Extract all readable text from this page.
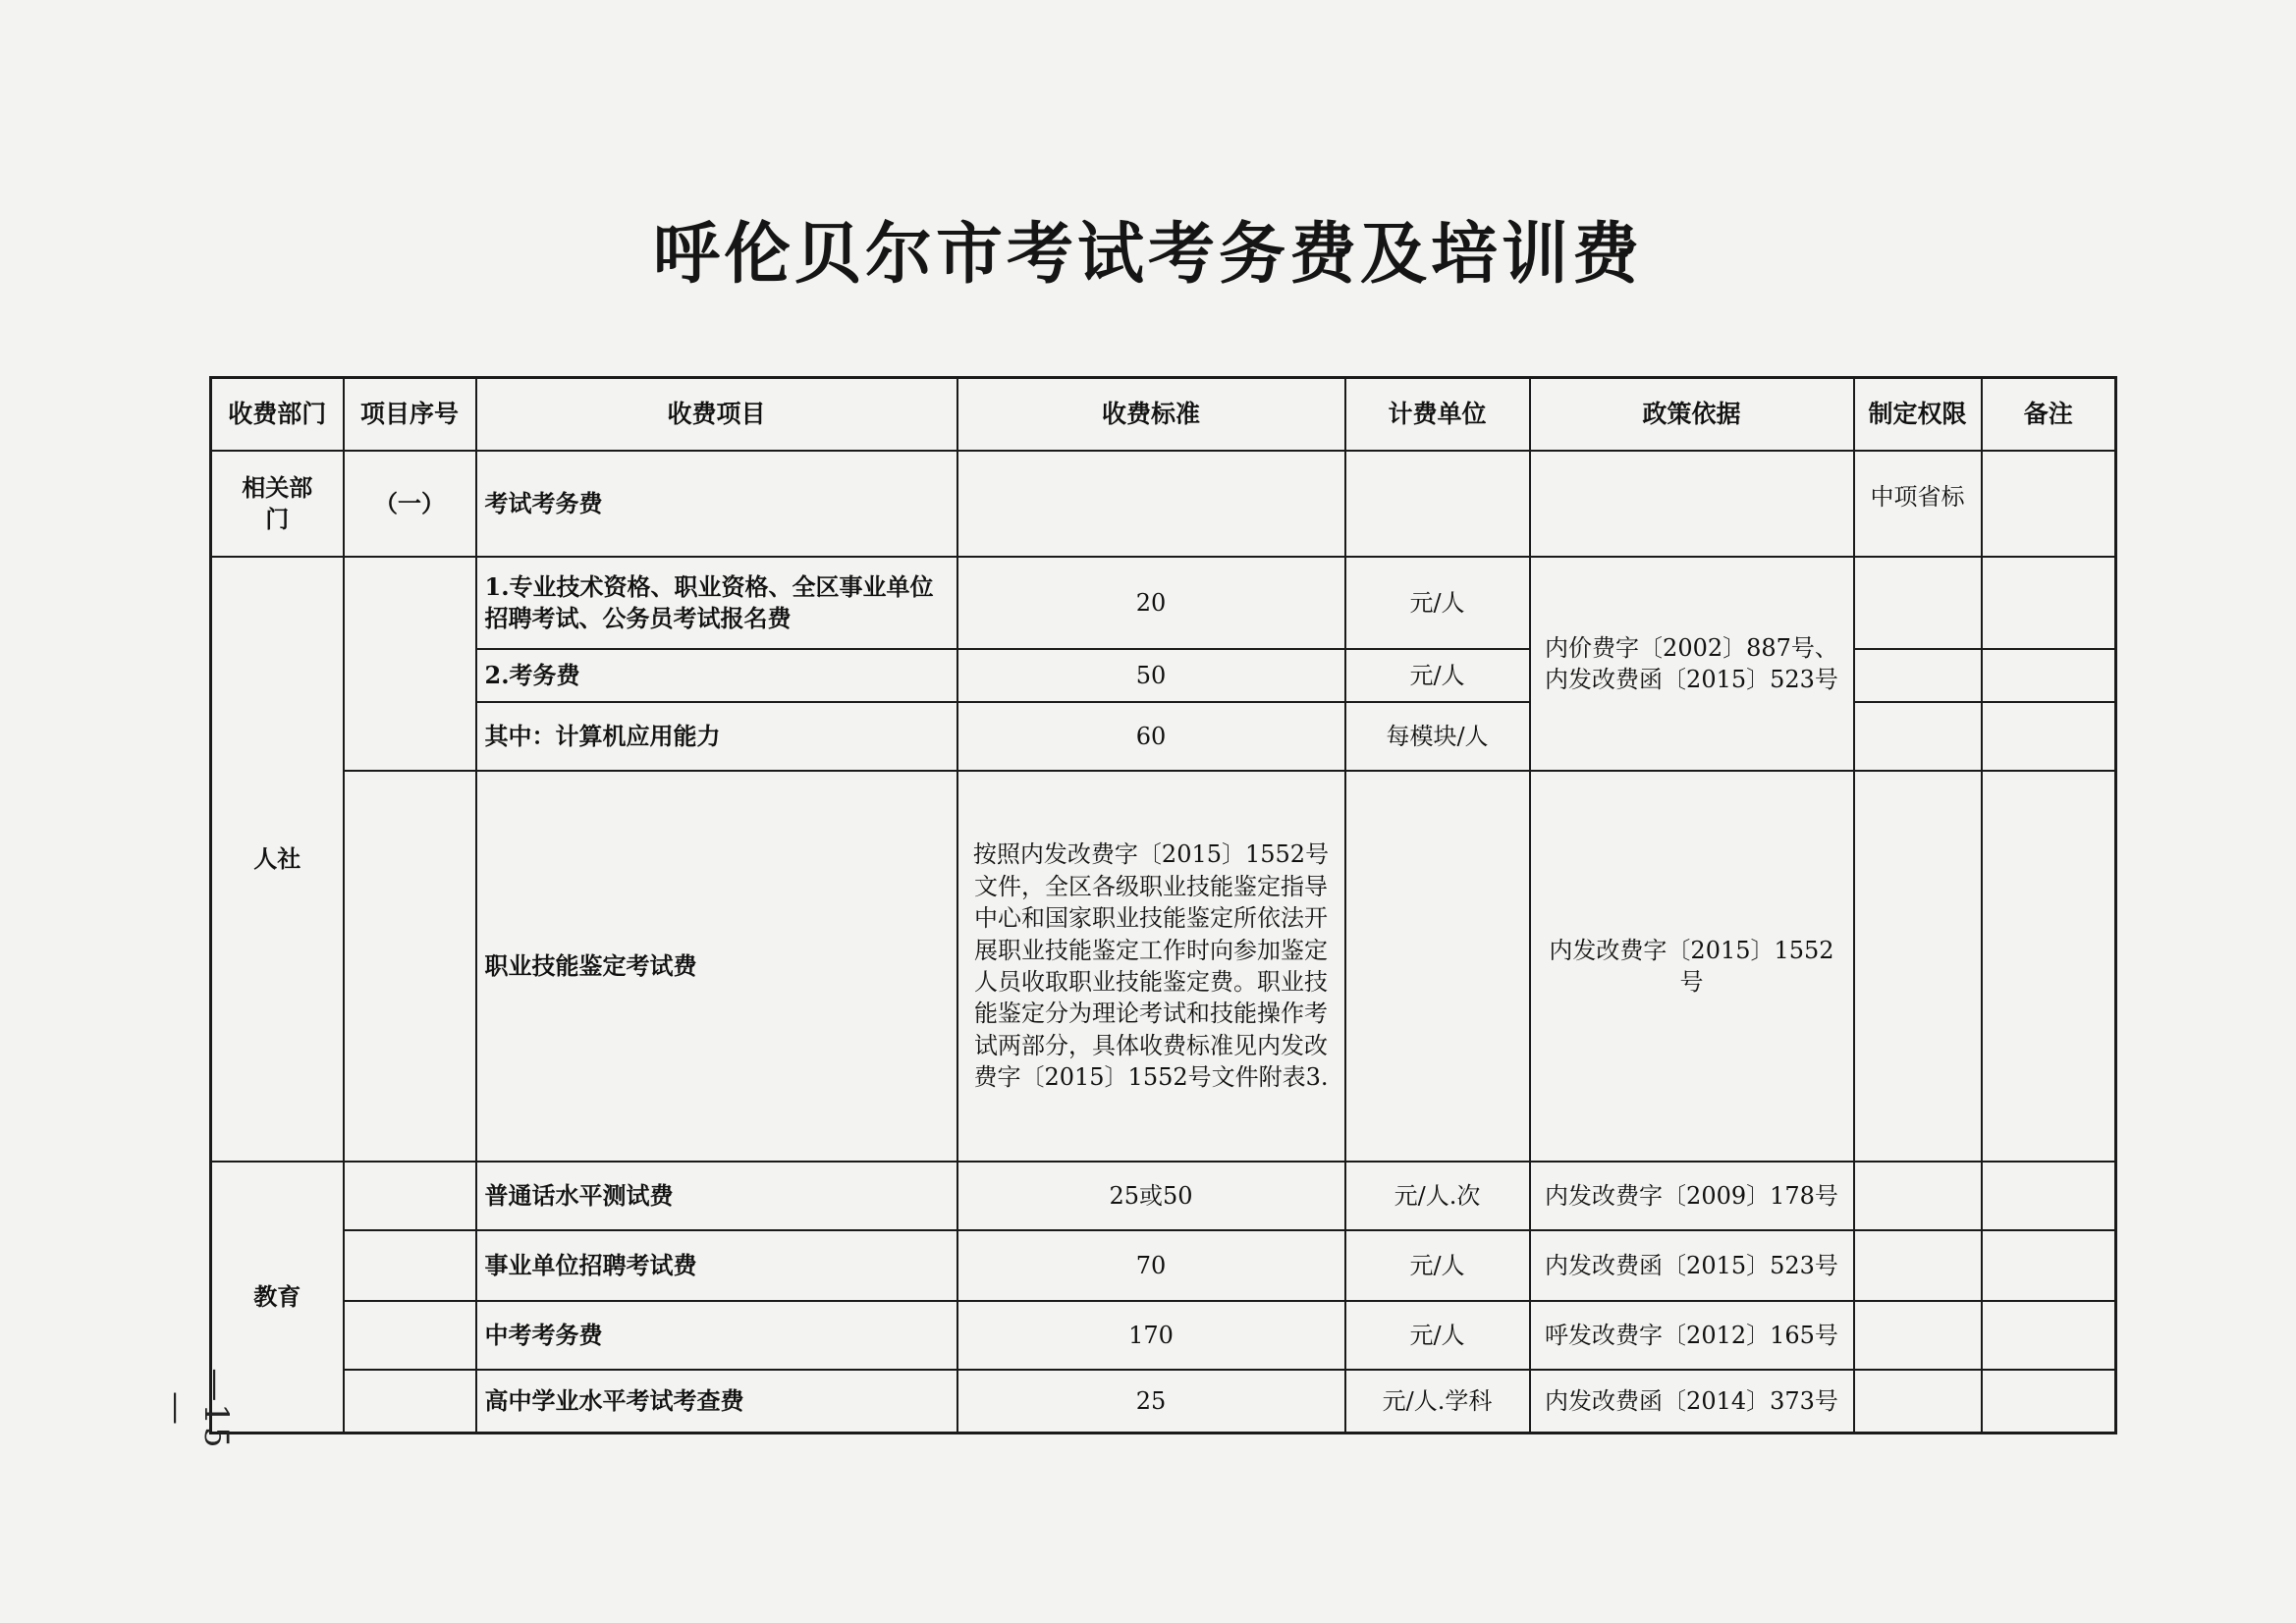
呼伦贝尔市考试考务费及培训费
收费部门	项目序号	收费项目	收费标准	计费单位	政策依据	制定权限	备注
相关部门	（一）	考试考务费				中项省标	
人社		1.专业技术资格、职业资格、全区事业单位招聘考试、公务员考试报名费	20	元/人	内价费字〔2002〕887号、内发改费函〔2015〕523号		
		2.考务费	50	元/人			
		其中：计算机应用能力	60	每模块/人			
		职业技能鉴定考试费	按照内发改费字〔2015〕1552号文件，全区各级职业技能鉴定指导中心和国家职业技能鉴定所依法开展职业技能鉴定工作时向参加鉴定人员收取职业技能鉴定费。职业技能鉴定分为理论考试和技能操作考试两部分，具体收费标准见内发改费字〔2015〕1552号文件附表3.		内发改费字〔2015〕1552号		
教育		普通话水平测试费	25或50	元/人.次	内发改费字〔2009〕178号		
		事业单位招聘考试费	70	元/人	内发改费函〔2015〕523号		
		中考考务费	170	元/人	呼发改费字〔2012〕165号		
		高中学业水平考试考查费	25	元/人.学科	内发改费函〔2014〕373号		
—15—
